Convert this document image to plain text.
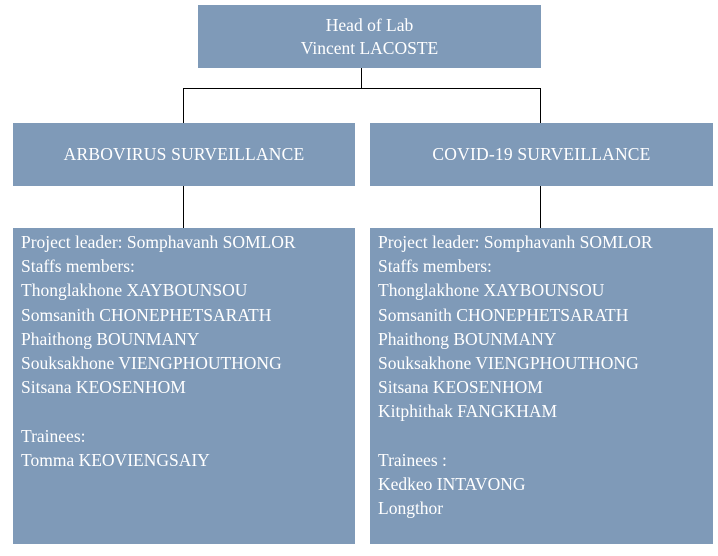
Head of Lab
Vincent LACOSTE
ARBOVIRUS SURVEILLANCE	COVID-19 SURVEILLANCE
Project leader: Somphavanh SOMLOR
Staffs members:
Thonglakhone XAYBOUNSOU
Somsanith CHONEPHETSARATH
Phaithong BOUNMANY
Souksakhone VIENGPHOUTHONG
Sitsana KEOSENHOM
Trainees:
Tomma KEOVIENGSAIY
Project leader: Somphavanh SOMLOR
Staffs members:
Thonglakhone XAYBOUNSOU
Somsanith CHONEPHETSARATH
Phaithong BOUNMANY
Souksakhone VIENGPHOUTHONG
Sitsana KEOSENHOM
Kitphithak FANGKHAM
Trainees :
Kedkeo INTAVONG
Longthor
